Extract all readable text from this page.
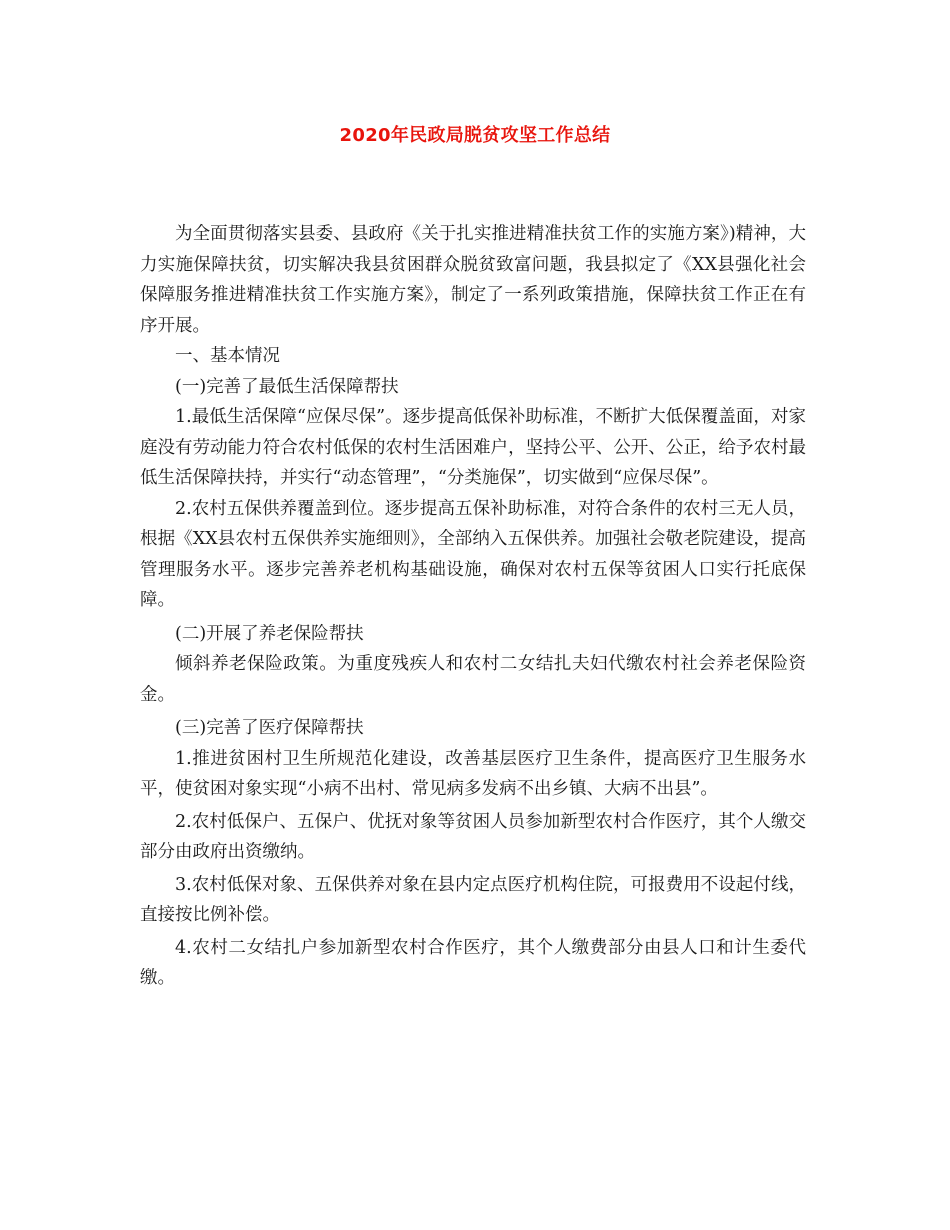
2020年民政局脱贫攻坚工作总结

为全面贯彻落实县委、县政府《关于扎实推进精准扶贫工作的实施方案》)精神，大力实施保障扶贫，切实解决我县贫困群众脱贫致富问题，我县拟定了《XX县强化社会保障服务推进精准扶贫工作实施方案》，制定了一系列政策措施，保障扶贫工作正在有序开展。

一、基本情况

(一)完善了最低生活保障帮扶

1.最低生活保障“应保尽保”。逐步提高低保补助标准，不断扩大低保覆盖面，对家庭没有劳动能力符合农村低保的农村生活困难户，坚持公平、公开、公正，给予农村最低生活保障扶持，并实行“动态管理”，“分类施保”，切实做到“应保尽保”。

2.农村五保供养覆盖到位。逐步提高五保补助标准，对符合条件的农村三无人员，根据《XX县农村五保供养实施细则》，全部纳入五保供养。加强社会敬老院建设，提高管理服务水平。逐步完善养老机构基础设施，确保对农村五保等贫困人口实行托底保障。

(二)开展了养老保险帮扶

倾斜养老保险政策。为重度残疾人和农村二女结扎夫妇代缴农村社会养老保险资金。

(三)完善了医疗保障帮扶

1.推进贫困村卫生所规范化建设，改善基层医疗卫生条件，提高医疗卫生服务水平，使贫困对象实现“小病不出村、常见病多发病不出乡镇、大病不出县”。

2.农村低保户、五保户、优抚对象等贫困人员参加新型农村合作医疗，其个人缴交部分由政府出资缴纳。

3.农村低保对象、五保供养对象在县内定点医疗机构住院，可报费用不设起付线，直接按比例补偿。

4.农村二女结扎户参加新型农村合作医疗，其个人缴费部分由县人口和计生委代缴。
